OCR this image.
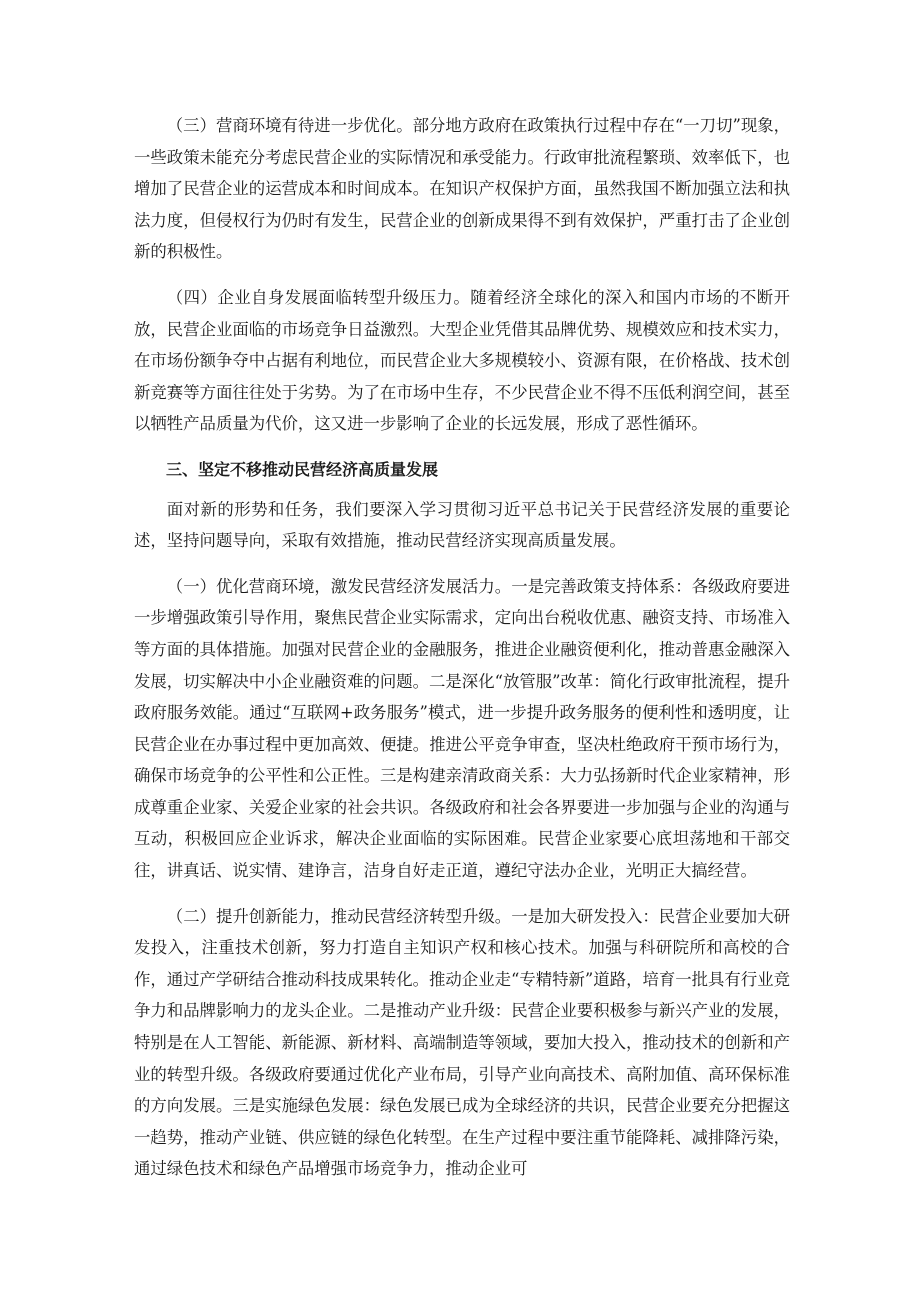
（三）营商环境有待进一步优化。部分地方政府在政策执行过程中存在“一刀切”现象，一些政策未能充分考虑民营企业的实际情况和承受能力。行政审批流程繁琐、效率低下，也增加了民营企业的运营成本和时间成本。在知识产权保护方面，虽然我国不断加强立法和执法力度，但侵权行为仍时有发生，民营企业的创新成果得不到有效保护，严重打击了企业创新的积极性。

（四）企业自身发展面临转型升级压力。随着经济全球化的深入和国内市场的不断开放，民营企业面临的市场竞争日益激烈。大型企业凭借其品牌优势、规模效应和技术实力，在市场份额争夺中占据有利地位，而民营企业大多规模较小、资源有限，在价格战、技术创新竞赛等方面往往处于劣势。为了在市场中生存，不少民营企业不得不压低利润空间，甚至以牺牲产品质量为代价，这又进一步影响了企业的长远发展，形成了恶性循环。

三、坚定不移推动民营经济高质量发展

面对新的形势和任务，我们要深入学习贯彻习近平总书记关于民营经济发展的重要论述，坚持问题导向，采取有效措施，推动民营经济实现高质量发展。

（一）优化营商环境，激发民营经济发展活力。一是完善政策支持体系：各级政府要进一步增强政策引导作用，聚焦民营企业实际需求，定向出台税收优惠、融资支持、市场准入等方面的具体措施。加强对民营企业的金融服务，推进企业融资便利化，推动普惠金融深入发展，切实解决中小企业融资难的问题。二是深化“放管服”改革：简化行政审批流程，提升政府服务效能。通过“互联网+政务服务”模式，进一步提升政务服务的便利性和透明度，让民营企业在办事过程中更加高效、便捷。推进公平竞争审查，坚决杜绝政府干预市场行为，确保市场竞争的公平性和公正性。三是构建亲清政商关系：大力弘扬新时代企业家精神，形成尊重企业家、关爱企业家的社会共识。各级政府和社会各界要进一步加强与企业的沟通与互动，积极回应企业诉求，解决企业面临的实际困难。民营企业家要心底坦荡地和干部交往，讲真话、说实情、建诤言，洁身自好走正道，遵纪守法办企业，光明正大搞经营。

（二）提升创新能力，推动民营经济转型升级。一是加大研发投入：民营企业要加大研发投入，注重技术创新，努力打造自主知识产权和核心技术。加强与科研院所和高校的合作，通过产学研结合推动科技成果转化。推动企业走“专精特新”道路，培育一批具有行业竞争力和品牌影响力的龙头企业。二是推动产业升级：民营企业要积极参与新兴产业的发展，特别是在人工智能、新能源、新材料、高端制造等领域，要加大投入，推动技术的创新和产业的转型升级。各级政府要通过优化产业布局，引导产业向高技术、高附加值、高环保标准的方向发展。三是实施绿色发展：绿色发展已成为全球经济的共识，民营企业要充分把握这一趋势，推动产业链、供应链的绿色化转型。在生产过程中要注重节能降耗、减排降污染，通过绿色技术和绿色产品增强市场竞争力，推动企业可
